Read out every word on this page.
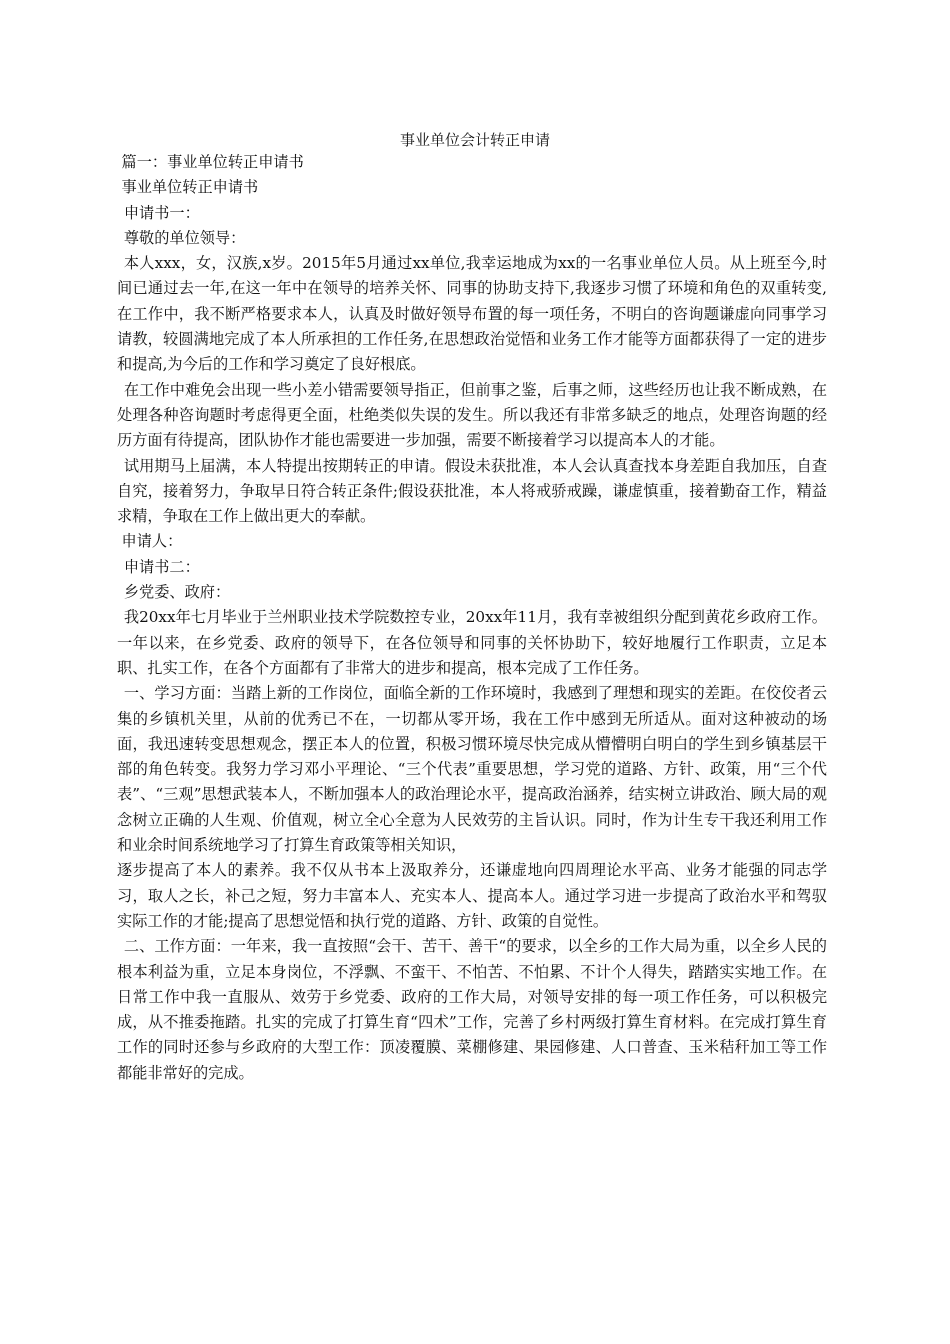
事业单位会计转正申请

篇一：事业单位转正申请书

事业单位转正申请书

申请书一：

尊敬的单位领导：

本人xxx，女，汉族,x岁。2015年5月通过xx单位,我幸运地成为xx的一名事业单位人员。从上班至今,时间已通过去一年,在这一年中在领导的培养关怀、同事的协助支持下,我逐步习惯了环境和角色的双重转变, 在工作中，我不断严格要求本人，认真及时做好领导布置的每一项任务，不明白的咨询题谦虚向同事学习请教，较圆满地完成了本人所承担的工作任务,在思想政治觉悟和业务工作才能等方面都获得了一定的进步和提高,为今后的工作和学习奠定了良好根底。

在工作中难免会出现一些小差小错需要领导指正，但前事之鉴，后事之师，这些经历也让我不断成熟，在处理各种咨询题时考虑得更全面，杜绝类似失误的发生。所以我还有非常多缺乏的地点，处理咨询题的经历方面有待提高，团队协作才能也需要进一步加强，需要不断接着学习以提高本人的才能。

试用期马上届满，本人特提出按期转正的申请。假设未获批准，本人会认真查找本身差距自我加压，自查自究，接着努力，争取早日符合转正条件;假设获批准，本人将戒骄戒躁，谦虚慎重，接着勤奋工作，精益求精，争取在工作上做出更大的奉献。

申请人：

申请书二：

乡党委、政府：

我20xx年七月毕业于兰州职业技术学院数控专业，20xx年11月，我有幸被组织分配到黄花乡政府工作。一年以来，在乡党委、政府的领导下，在各位领导和同事的关怀协助下，较好地履行工作职责，立足本职、扎实工作，在各个方面都有了非常大的进步和提高，根本完成了工作任务。

一、学习方面：当踏上新的工作岗位，面临全新的工作环境时，我感到了理想和现实的差距。在佼佼者云集的乡镇机关里，从前的优秀已不在，一切都从零开场，我在工作中感到无所适从。面对这种被动的场面，我迅速转变思想观念，摆正本人的位置，积极习惯环境尽快完成从懵懵明白明白的学生到乡镇基层干部的角色转变。我努力学习邓小平理论、“三个代表”重要思想，学习党的道路、方针、政策，用“三个代表”、“三观”思想武装本人，不断加强本人的政治理论水平，提高政治涵养，结实树立讲政治、顾大局的观念树立正确的人生观、价值观，树立全心全意为人民效劳的主旨认识。同时，作为计生专干我还利用工作和业余时间系统地学习了打算生育政策等相关知识，

逐步提高了本人的素养。我不仅从书本上汲取养分，还谦虚地向四周理论水平高、业务才能强的同志学习，取人之长，补己之短，努力丰富本人、充实本人、提高本人。通过学习进一步提高了政治水平和驾驭实际工作的才能;提高了思想觉悟和执行党的道路、方针、政策的自觉性。

二、工作方面：一年来，我一直按照“会干、苦干、善干“的要求，以全乡的工作大局为重，以全乡人民的根本利益为重，立足本身岗位，不浮飘、不蛮干、不怕苦、不怕累、不计个人得失，踏踏实实地工作。在日常工作中我一直服从、效劳于乡党委、政府的工作大局，对领导安排的每一项工作任务，可以积极完成，从不推委拖踏。扎实的完成了打算生育“四术”工作，完善了乡村两级打算生育材料。在完成打算生育工作的同时还参与乡政府的大型工作：顶凌覆膜、菜棚修建、果园修建、人口普查、玉米秸秆加工等工作都能非常好的完成。
